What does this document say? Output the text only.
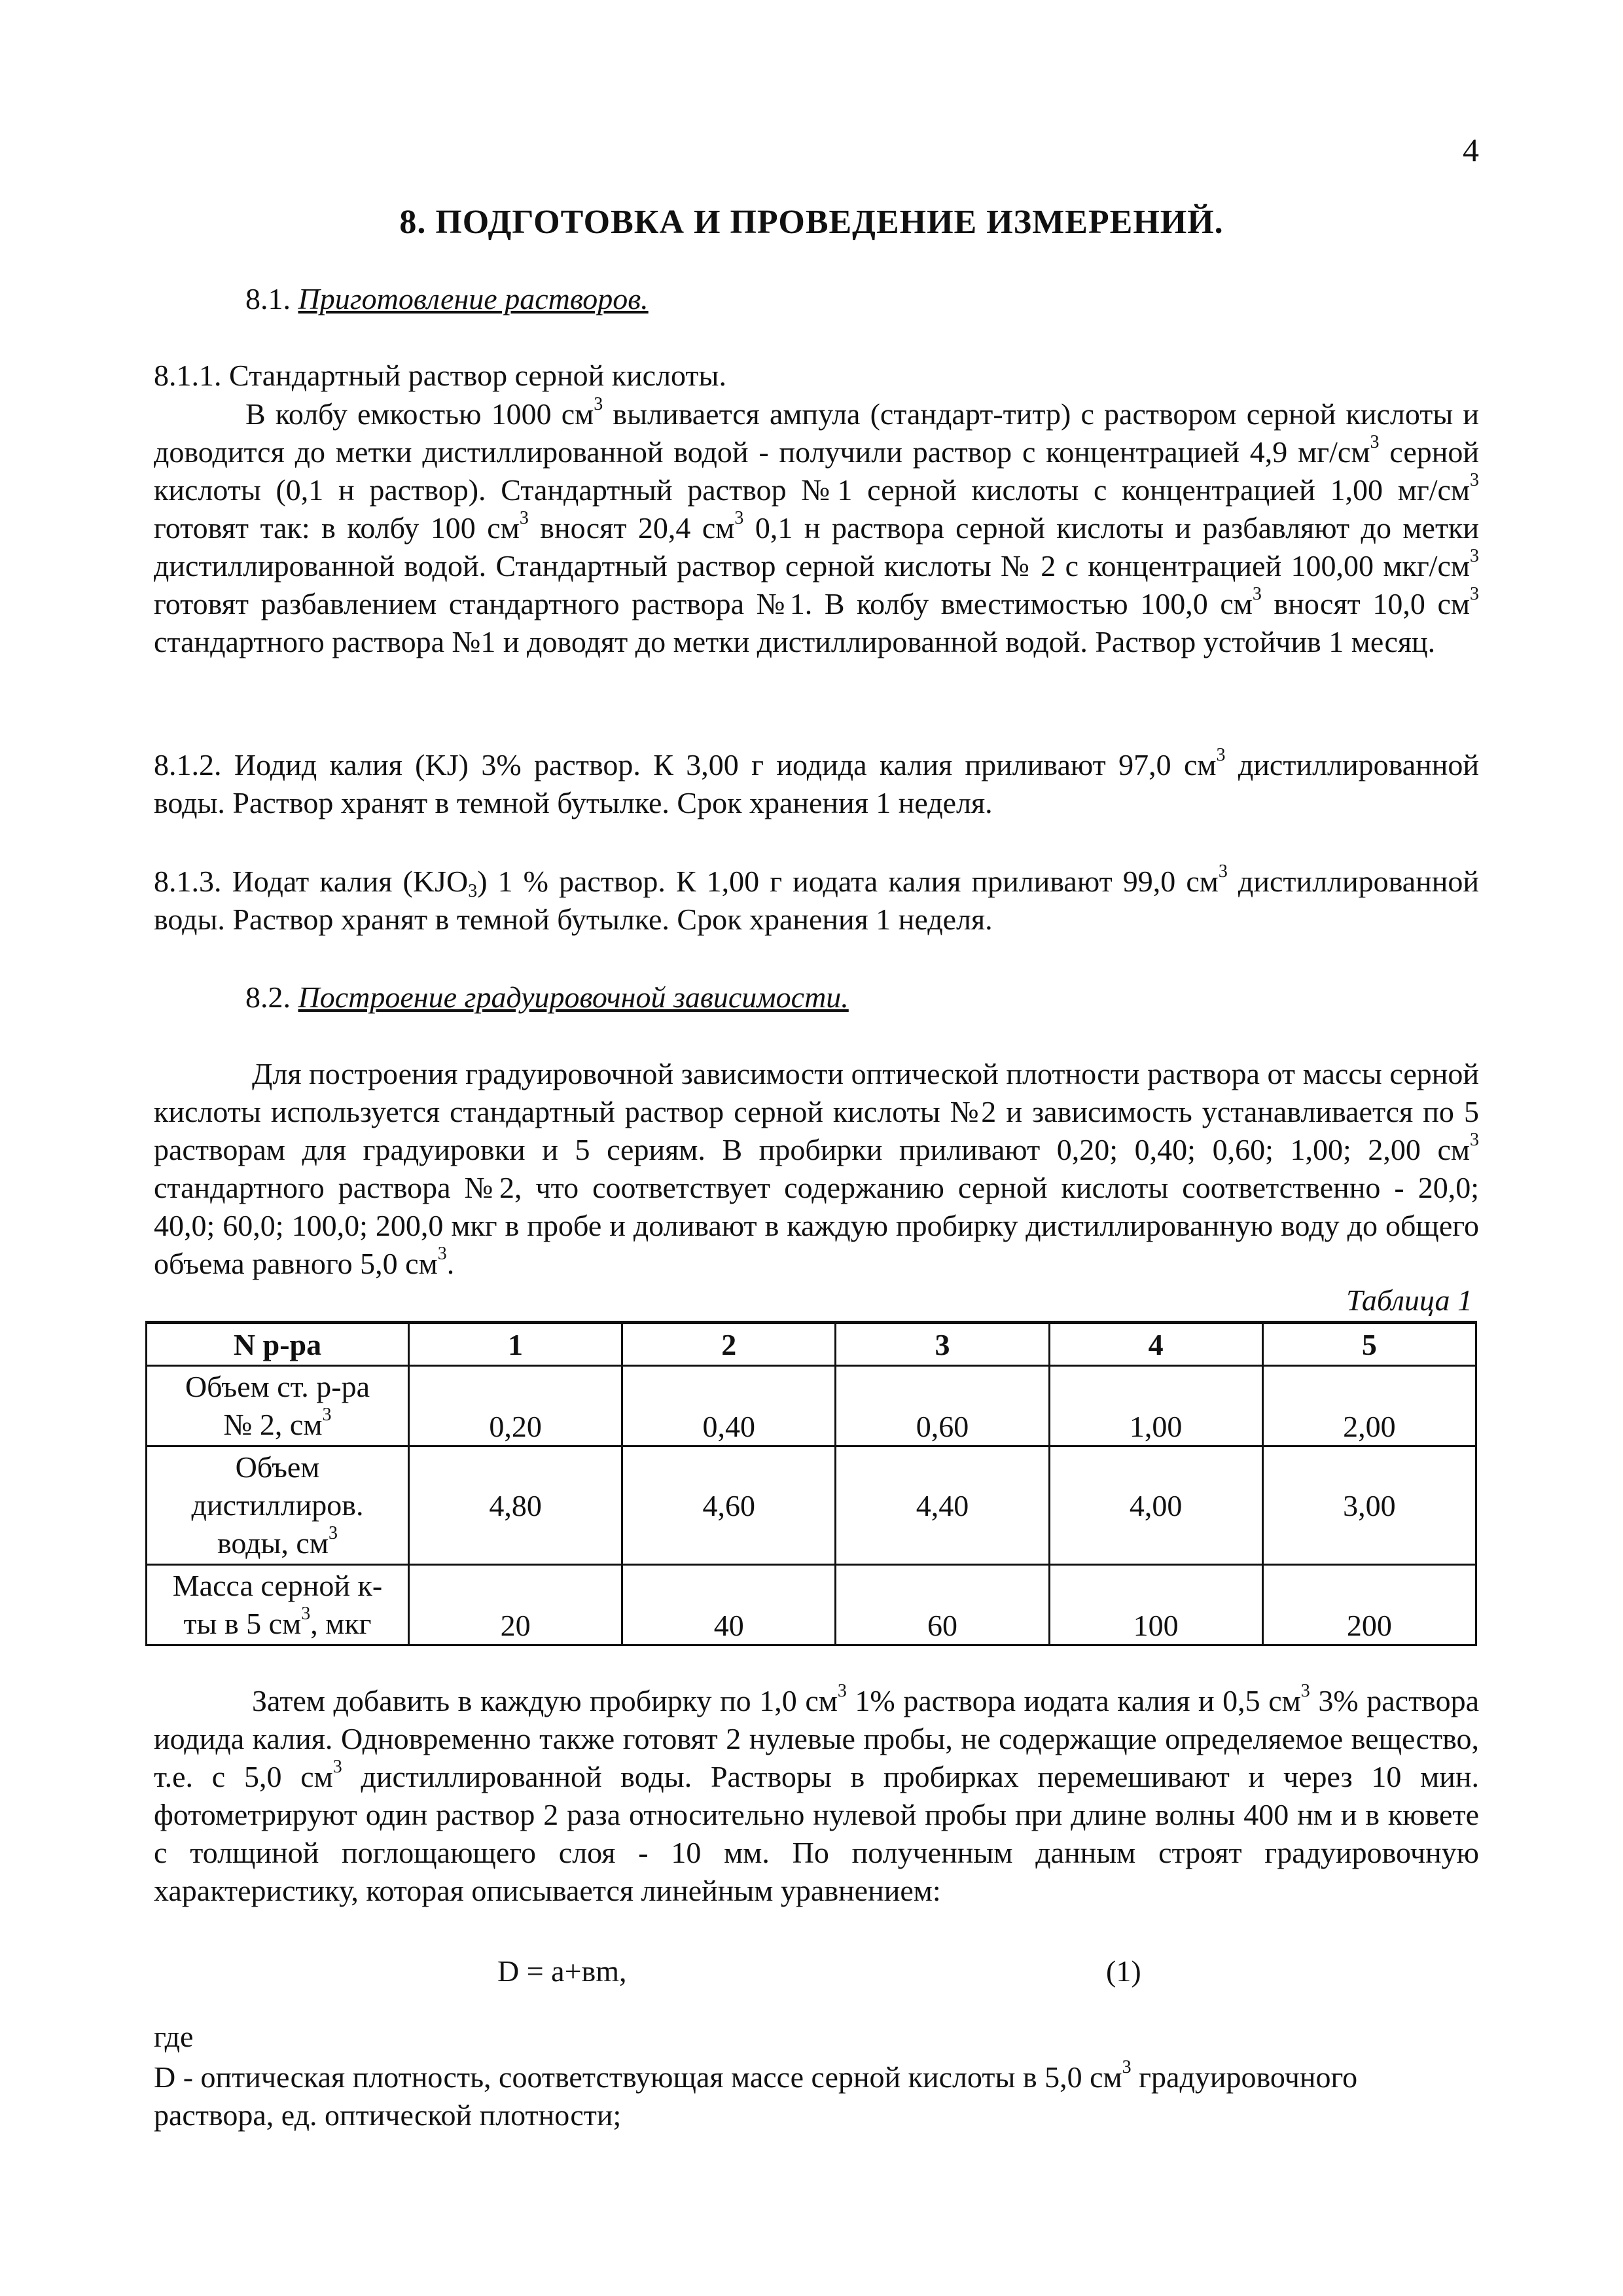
4
8. ПОДГОТОВКА И ПРОВЕДЕНИЕ ИЗМЕРЕНИЙ.
8.1. Приготовление растворов.
8.1.1. Стандартный раствор серной кислоты.

В колбу емкостью 1000 $см^3$ выливается ампула (стандарт-титр) с раствором серной кислоты и доводится до метки дистиллированной водой - получили раствор с концентрацией 4,9 $мг/см^3$ серной кислоты (0,1 н раствор). Стандартный раствор №1 серной кислоты с концентрацией 1,00 $мг/см^3$ готовят так: в колбу 100 $см^3$ вносят 20,4 $см^3$ 0,1 н раствора серной кислоты и разбавляют до метки дистиллированной водой. Стандартный раствор серной кислоты № 2 с концентрацией 100,00 мкг/$см^3$ готовят разбавлением стандартного раствора №1. В колбу вместимостью 100,0 $см^3$ вносят 10,0 $см^3$ стандартного раствора №1 и доводят до метки дистиллированной водой. Раствор устойчив 1 месяц.

8.1.2. Иодид калия (KJ) 3% раствор. К 3,00 г иодида калия приливают 97,0 $см^3$ дистиллированной воды. Раствор хранят в темной бутылке. Срок хранения 1 неделя.

8.1.3. Иодат калия $(KJO_3)$ 1 % раствор. К 1,00 г иодата калия приливают 99,0 $см^3$ дистиллированной воды. Раствор хранят в темной бутылке. Срок хранения 1 неделя.

8.2. Построение градуировочной зависимости.

Для построения градуировочной зависимости оптической плотности раствора от массы серной кислоты используется стандартный раствор серной кислоты №2 и зависимость устанавливается по 5 растворам для градуировки и 5 сериям. В пробирки приливают 0,20; 0,40; 0,60; 1,00; 2,00 $см^3$ стандартного раствора №2, что соответствует содержанию серной кислоты соответственно - 20,0; 40,0; 60,0; 100,0; 200,0 мкг в пробе и доливают в каждую пробирку дистиллированную воду до общего объема равного 5,0 $см^3$.

Таблица 1
N р-ра	1	2	3	4	5
Объем ст. р-ра
№ 2, $см^3$	0,20	0,40	0,60	1,00	2,00
Объем
дистиллиров.
воды, $см^3$	4,80	4,60	4,40	4,00	3,00
Масса серной к-
ты в 5 $см^3$, мкг	20	40	60	100	200

Затем добавить в каждую пробирку по 1,0 $см^3$ 1% раствора иодата калия и 0,5 $см^3$ 3% раствора иодида калия. Одновременно также готовят 2 нулевые пробы, не содержащие определяемое вещество, т.е. с 5,0 $см^3$ дистиллированной воды. Растворы в пробирках перемешивают и через 10 мин. фотометрируют один раствор 2 раза относительно нулевой пробы при длине волны 400 нм и в кювете с толщиной поглощающего слоя - 10 мм. По полученным данным строят градуировочную характеристику, которая описывается линейным уравнением:

D = a+вm,	(1)
где

D - оптическая плотность, соответствующая массе серной кислоты в 5,0 $см^3$ градуировочного раствора, ед. оптической плотности;
